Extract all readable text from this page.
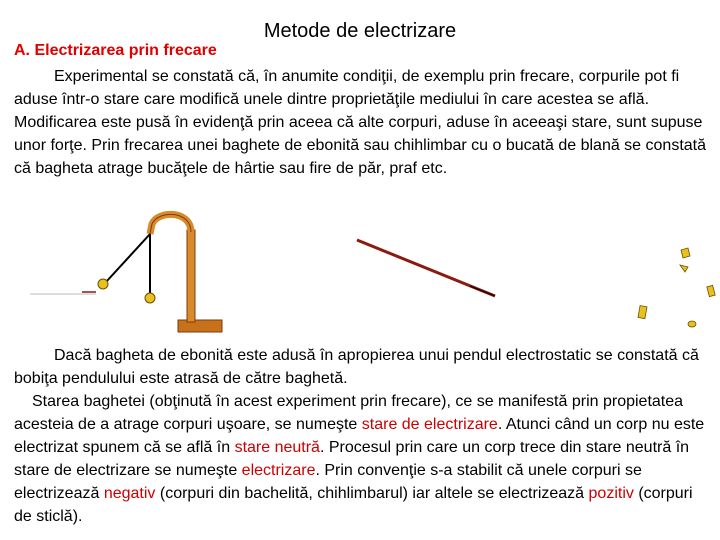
Metode de electrizare
A. Electrizarea prin frecare

Experimental se constată că, în anumite condiţii, de exemplu prin frecare, corpurile pot fi aduse într-o stare care modifică unele dintre proprietăţile mediului în care acestea se află. Modificarea este pusă în evidenţă prin aceea că alte corpuri, aduse în aceeaşi stare, sunt supuse unor forţe. Prin frecarea unei baghete de ebonită sau chihlimbar cu o bucată de blană se constată că bagheta atrage bucăţele de hârtie sau fire de păr, praf etc.

Dacă bagheta de ebonită este adusă în apropierea unui pendul electrostatic se constată că bobiţa pendulului este atrasă de către baghetă.
Starea baghetei (obţinută în acest experiment prin frecare), ce se manifestă prin propietatea acesteia de a atrage corpuri uşoare, se numeşte stare de electrizare. Atunci când un corp nu este electrizat spunem că se află în stare neutră. Procesul prin care un corp trece din stare neutră în stare de electrizare se numeşte electrizare. Prin convenţie s-a stabilit că unele corpuri se electrizează negativ (corpuri din bachelită, chihlimbarul) iar altele se electrizează pozitiv (corpuri de sticlă).
